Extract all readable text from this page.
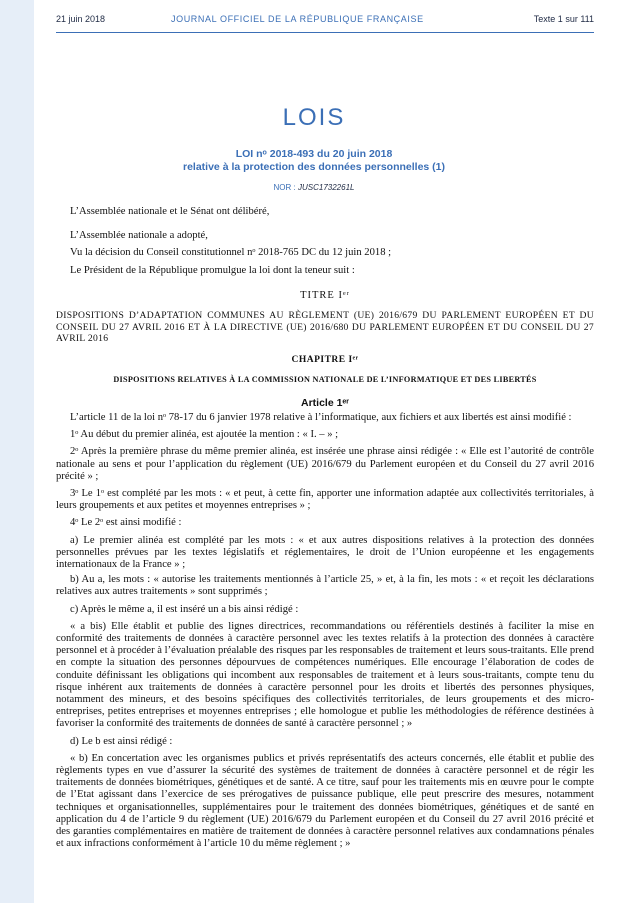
21 juin 2018	JOURNAL OFFICIEL DE LA RÉPUBLIQUE FRANÇAISE	Texte 1 sur 111
LOIS
LOI nᵒ 2018-493 du 20 juin 2018
relative à la protection des données personnelles (1)
NOR : JUSC1732261L

L’Assemblée nationale et le Sénat ont délibéré,

L’Assemblée nationale a adopté,

Vu la décision du Conseil constitutionnel nᵒ 2018-765 DC du 12 juin 2018 ;

Le Président de la République promulgue la loi dont la teneur suit :

TITRE Iᵉʳ
DISPOSITIONS D’ADAPTATION COMMUNES AU RÈGLEMENT (UE) 2016/679 DU PARLEMENT EUROPÉEN ET DU CONSEIL DU 27 AVRIL 2016 ET À LA DIRECTIVE (UE) 2016/680 DU PARLEMENT EUROPÉEN ET DU CONSEIL DU 27 AVRIL 2016
CHAPITRE Iᵉʳ
DISPOSITIONS RELATIVES À LA COMMISSION NATIONALE DE L’INFORMATIQUE ET DES LIBERTÉS
Article 1ᵉʳ

L’article 11 de la loi nᵒ 78-17 du 6 janvier 1978 relative à l’informatique, aux fichiers et aux libertés est ainsi modifié :

1ᵒ Au début du premier alinéa, est ajoutée la mention : « I. – » ;

2ᵒ Après la première phrase du même premier alinéa, est insérée une phrase ainsi rédigée : « Elle est l’autorité de contrôle nationale au sens et pour l’application du règlement (UE) 2016/679 du Parlement européen et du Conseil du 27 avril 2016 précité » ;

3ᵒ Le 1ᵒ est complété par les mots : « et peut, à cette fin, apporter une information adaptée aux collectivités territoriales, à leurs groupements et aux petites et moyennes entreprises » ;

4ᵒ Le 2ᵒ est ainsi modifié :

a) Le premier alinéa est complété par les mots : « et aux autres dispositions relatives à la protection des données personnelles prévues par les textes législatifs et réglementaires, le droit de l’Union européenne et les engagements internationaux de la France » ;

b) Au a, les mots : « autorise les traitements mentionnés à l’article 25, » et, à la fin, les mots : « et reçoit les déclarations relatives aux autres traitements » sont supprimés ;

c) Après le même a, il est inséré un a bis ainsi rédigé :

« a bis) Elle établit et publie des lignes directrices, recommandations ou référentiels destinés à faciliter la mise en conformité des traitements de données à caractère personnel avec les textes relatifs à la protection des données à caractère personnel et à procéder à l’évaluation préalable des risques par les responsables de traitement et leurs sous-traitants. Elle prend en compte la situation des personnes dépourvues de compétences numériques. Elle encourage l’élaboration de codes de conduite définissant les obligations qui incombent aux responsables de traitement et à leurs sous-traitants, compte tenu du risque inhérent aux traitements de données à caractère personnel pour les droits et libertés des personnes physiques, notamment des mineurs, et des besoins spécifiques des collectivités territoriales, de leurs groupements et des micro-entreprises, petites entreprises et moyennes entreprises ; elle homologue et publie les méthodologies de référence destinées à favoriser la conformité des traitements de données de santé à caractère personnel ; »

d) Le b est ainsi rédigé :

« b) En concertation avec les organismes publics et privés représentatifs des acteurs concernés, elle établit et publie des règlements types en vue d’assurer la sécurité des systèmes de traitement de données à caractère personnel et de régir les traitements de données biométriques, génétiques et de santé. A ce titre, sauf pour les traitements mis en œuvre pour le compte de l’Etat agissant dans l’exercice de ses prérogatives de puissance publique, elle peut prescrire des mesures, notamment techniques et organisationnelles, supplémentaires pour le traitement des données biométriques, génétiques et de santé en application du 4 de l’article 9 du règlement (UE) 2016/679 du Parlement européen et du Conseil du 27 avril 2016 précité et des garanties complémentaires en matière de traitement de données à caractère personnel relatives aux condamnations pénales et aux infractions conformément à l’article 10 du même règlement ; »
